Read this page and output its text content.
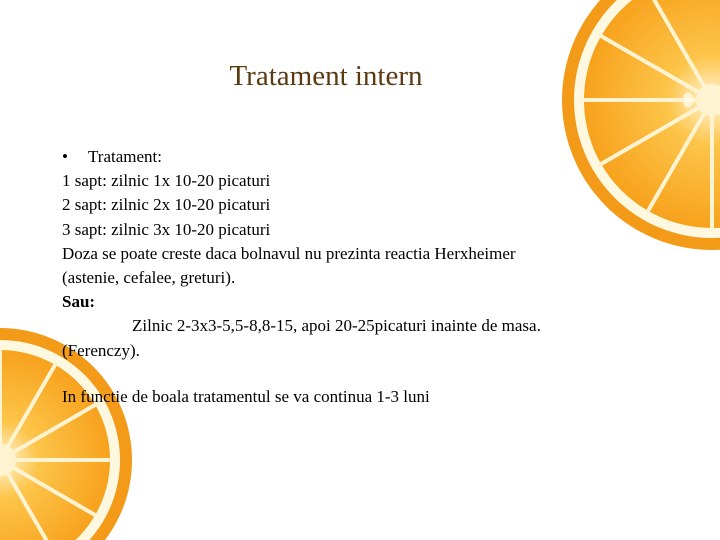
Tratament intern
• Tratament:
1 sapt: zilnic 1x 10-20 picaturi
2 sapt: zilnic 2x 10-20 picaturi
3 sapt: zilnic 3x 10-20 picaturi
Doza se poate creste daca bolnavul nu prezinta reactia Herxheimer
(astenie, cefalee, greturi).
Sau:
Zilnic 2-3x3-5,5-8,8-15, apoi 20-25picaturi inainte de masa.
(Ferenczy).
In functie de boala tratamentul se va continua 1-3 luni
